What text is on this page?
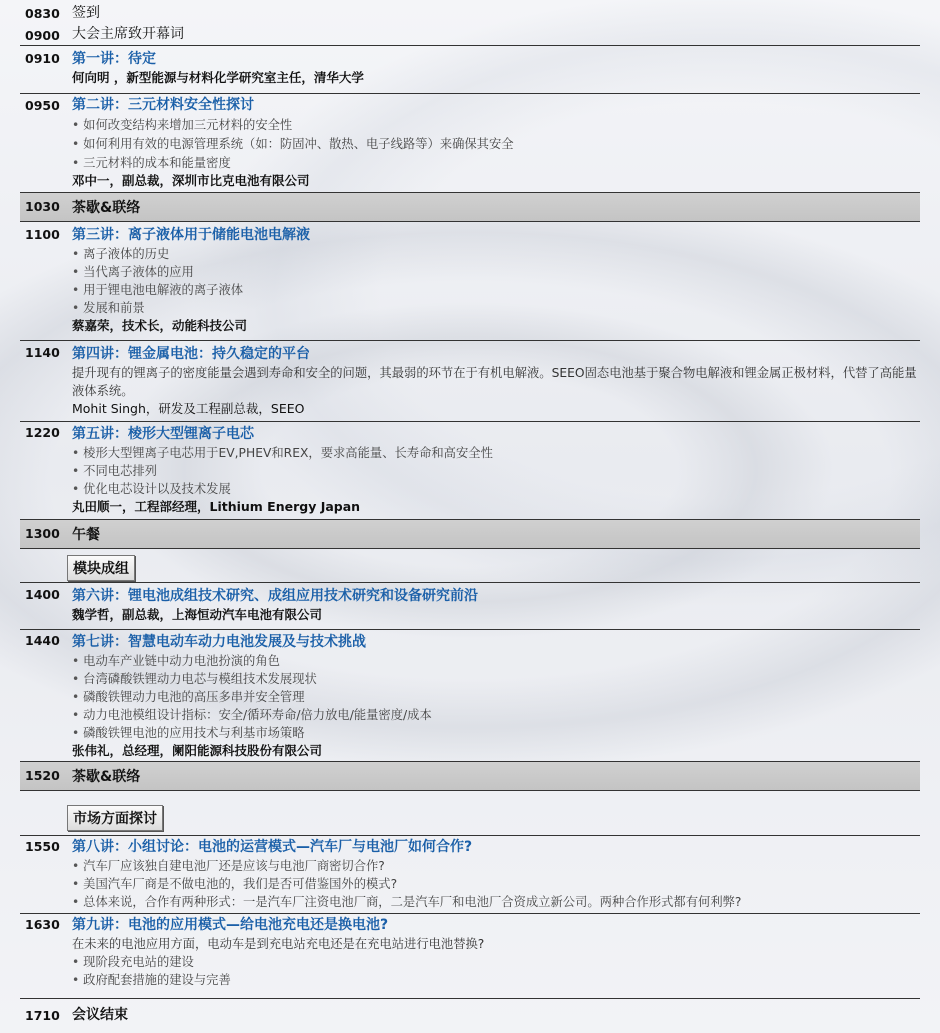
0830 签到
0900 大会主席致开幕词
0910 第一讲：待定
何向明 ，新型能源与材料化学研究室主任，清华大学
0950 第二讲：三元材料安全性探讨
• 如何改变结构来增加三元材料的安全性
• 如何利用有效的电源管理系统（如：防固冲、散热、电子线路等）来确保其安全
• 三元材料的成本和能量密度
邓中一，副总裁，深圳市比克电池有限公司
1030 茶歇&联络
1100 第三讲：离子液体用于储能电池电解液
• 离子液体的历史
• 当代离子液体的应用
• 用于锂电池电解液的离子液体
• 发展和前景
蔡嘉荣，技术长，动能科技公司
1140 第四讲：锂金属电池：持久稳定的平台
提升现有的锂离子的密度能量会遇到寿命和安全的问题，其最弱的环节在于有机电解液。SEEO固态电池基于聚合物电解液和锂金属正极材料，代替了高能量液体系统。
Mohit Singh，研发及工程副总裁，SEEO
1220 第五讲：棱形大型锂离子电芯
• 棱形大型锂离子电芯用于EV,PHEV和REX，要求高能量、长寿命和高安全性
• 不同电芯排列
• 优化电芯设计以及技术发展
丸田顺一，工程部经理，Lithium Energy Japan
1300 午餐
模块成组
1400 第六讲：锂电池成组技术研究、成组应用技术研究和设备研究前沿
魏学哲，副总裁，上海恒动汽车电池有限公司
1440 第七讲：智慧电动车动力电池发展及与技术挑战
• 电动车产业链中动力电池扮演的角色
• 台湾磷酸铁锂动力电芯与模组技术发展现状
• 磷酸铁锂动力电池的高压多串并安全管理
• 动力电池模组设计指标：安全/循环寿命/倍力放电/能量密度/成本
• 磷酸铁锂电池的应用技术与利基市场策略
张伟礼，总经理，阑阳能源科技股份有限公司
1520 茶歇&联络
市场方面探讨
1550 第八讲：小组讨论：电池的运营模式—汽车厂与电池厂如何合作?
• 汽车厂应该独自建电池厂还是应该与电池厂商密切合作?
• 美国汽车厂商是不做电池的，我们是否可借鉴国外的模式?
• 总体来说，合作有两种形式：一是汽车厂注资电池厂商，二是汽车厂和电池厂合资成立新公司。两种合作形式都有何利弊?
1630 第九讲：电池的应用模式—给电池充电还是换电池?
在未来的电池应用方面，电动车是到充电站充电还是在充电站进行电池替换?
• 现阶段充电站的建设
• 政府配套措施的建设与完善
1710 会议结束
